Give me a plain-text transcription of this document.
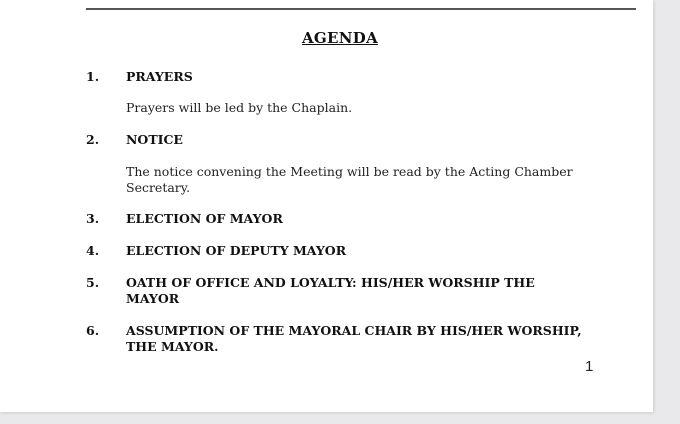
AGENDA
1. PRAYERS
Prayers will be led by the Chaplain.
2. NOTICE
The notice convening the Meeting will be read by the Acting Chamber Secretary.
3. ELECTION OF MAYOR
4. ELECTION OF DEPUTY MAYOR
5. OATH OF OFFICE AND LOYALTY: HIS/HER WORSHIP THE MAYOR
6. ASSUMPTION OF THE MAYORAL CHAIR BY HIS/HER WORSHIP, THE MAYOR.
1
